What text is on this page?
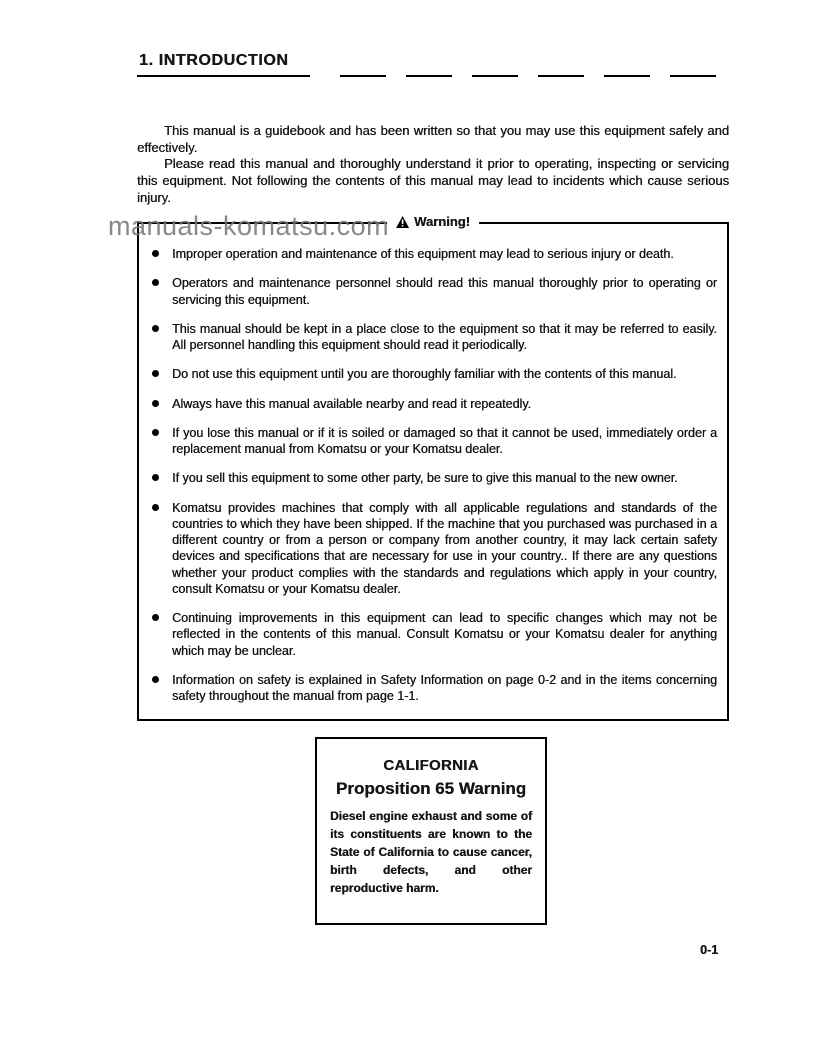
1. INTRODUCTION

This manual is a guidebook and has been written so that you may use this equipment safely and effectively.

Please read this manual and thoroughly understand it prior to operating, inspecting or servicing this equipment. Not following the contents of this manual may lead to incidents which cause serious injury.

Warning!
Improper operation and maintenance of this equipment may lead to serious injury or death.
Operators and maintenance personnel should read this manual thoroughly prior to operating or servicing this equipment.
This manual should be kept in a place close to the equipment so that it may be referred to easily. All personnel handling this equipment should read it periodically.
Do not use this equipment until you are thoroughly familiar with the contents of this manual.
Always have this manual available nearby and read it repeatedly.
If you lose this manual or if it is soiled or damaged so that it cannot be used, immediately order a replacement manual from Komatsu or your Komatsu dealer.
If you sell this equipment to some other party, be sure to give this manual to the new owner.
Komatsu provides machines that comply with all applicable regulations and standards of the countries to which they have been shipped. If the machine that you purchased was purchased in a different country or from a person or company from another country, it may lack certain safety devices and specifications that are necessary for use in your country.. If there are any questions whether your product complies with the standards and regulations which apply in your country, consult Komatsu or your Komatsu dealer.
Continuing improvements in this equipment can lead to specific changes which may not be reflected in the contents of this manual. Consult Komatsu or your Komatsu dealer for anything which may be unclear.
Information on safety is explained in Safety Information on page 0-2 and in the items concerning safety throughout the manual from page 1-1.

CALIFORNIA

Proposition 65 Warning

Diesel engine exhaust and some of its constituents are known to the State of California to cause cancer, birth defects, and other reproductive harm.

manuals-komatsu.com
0-1
